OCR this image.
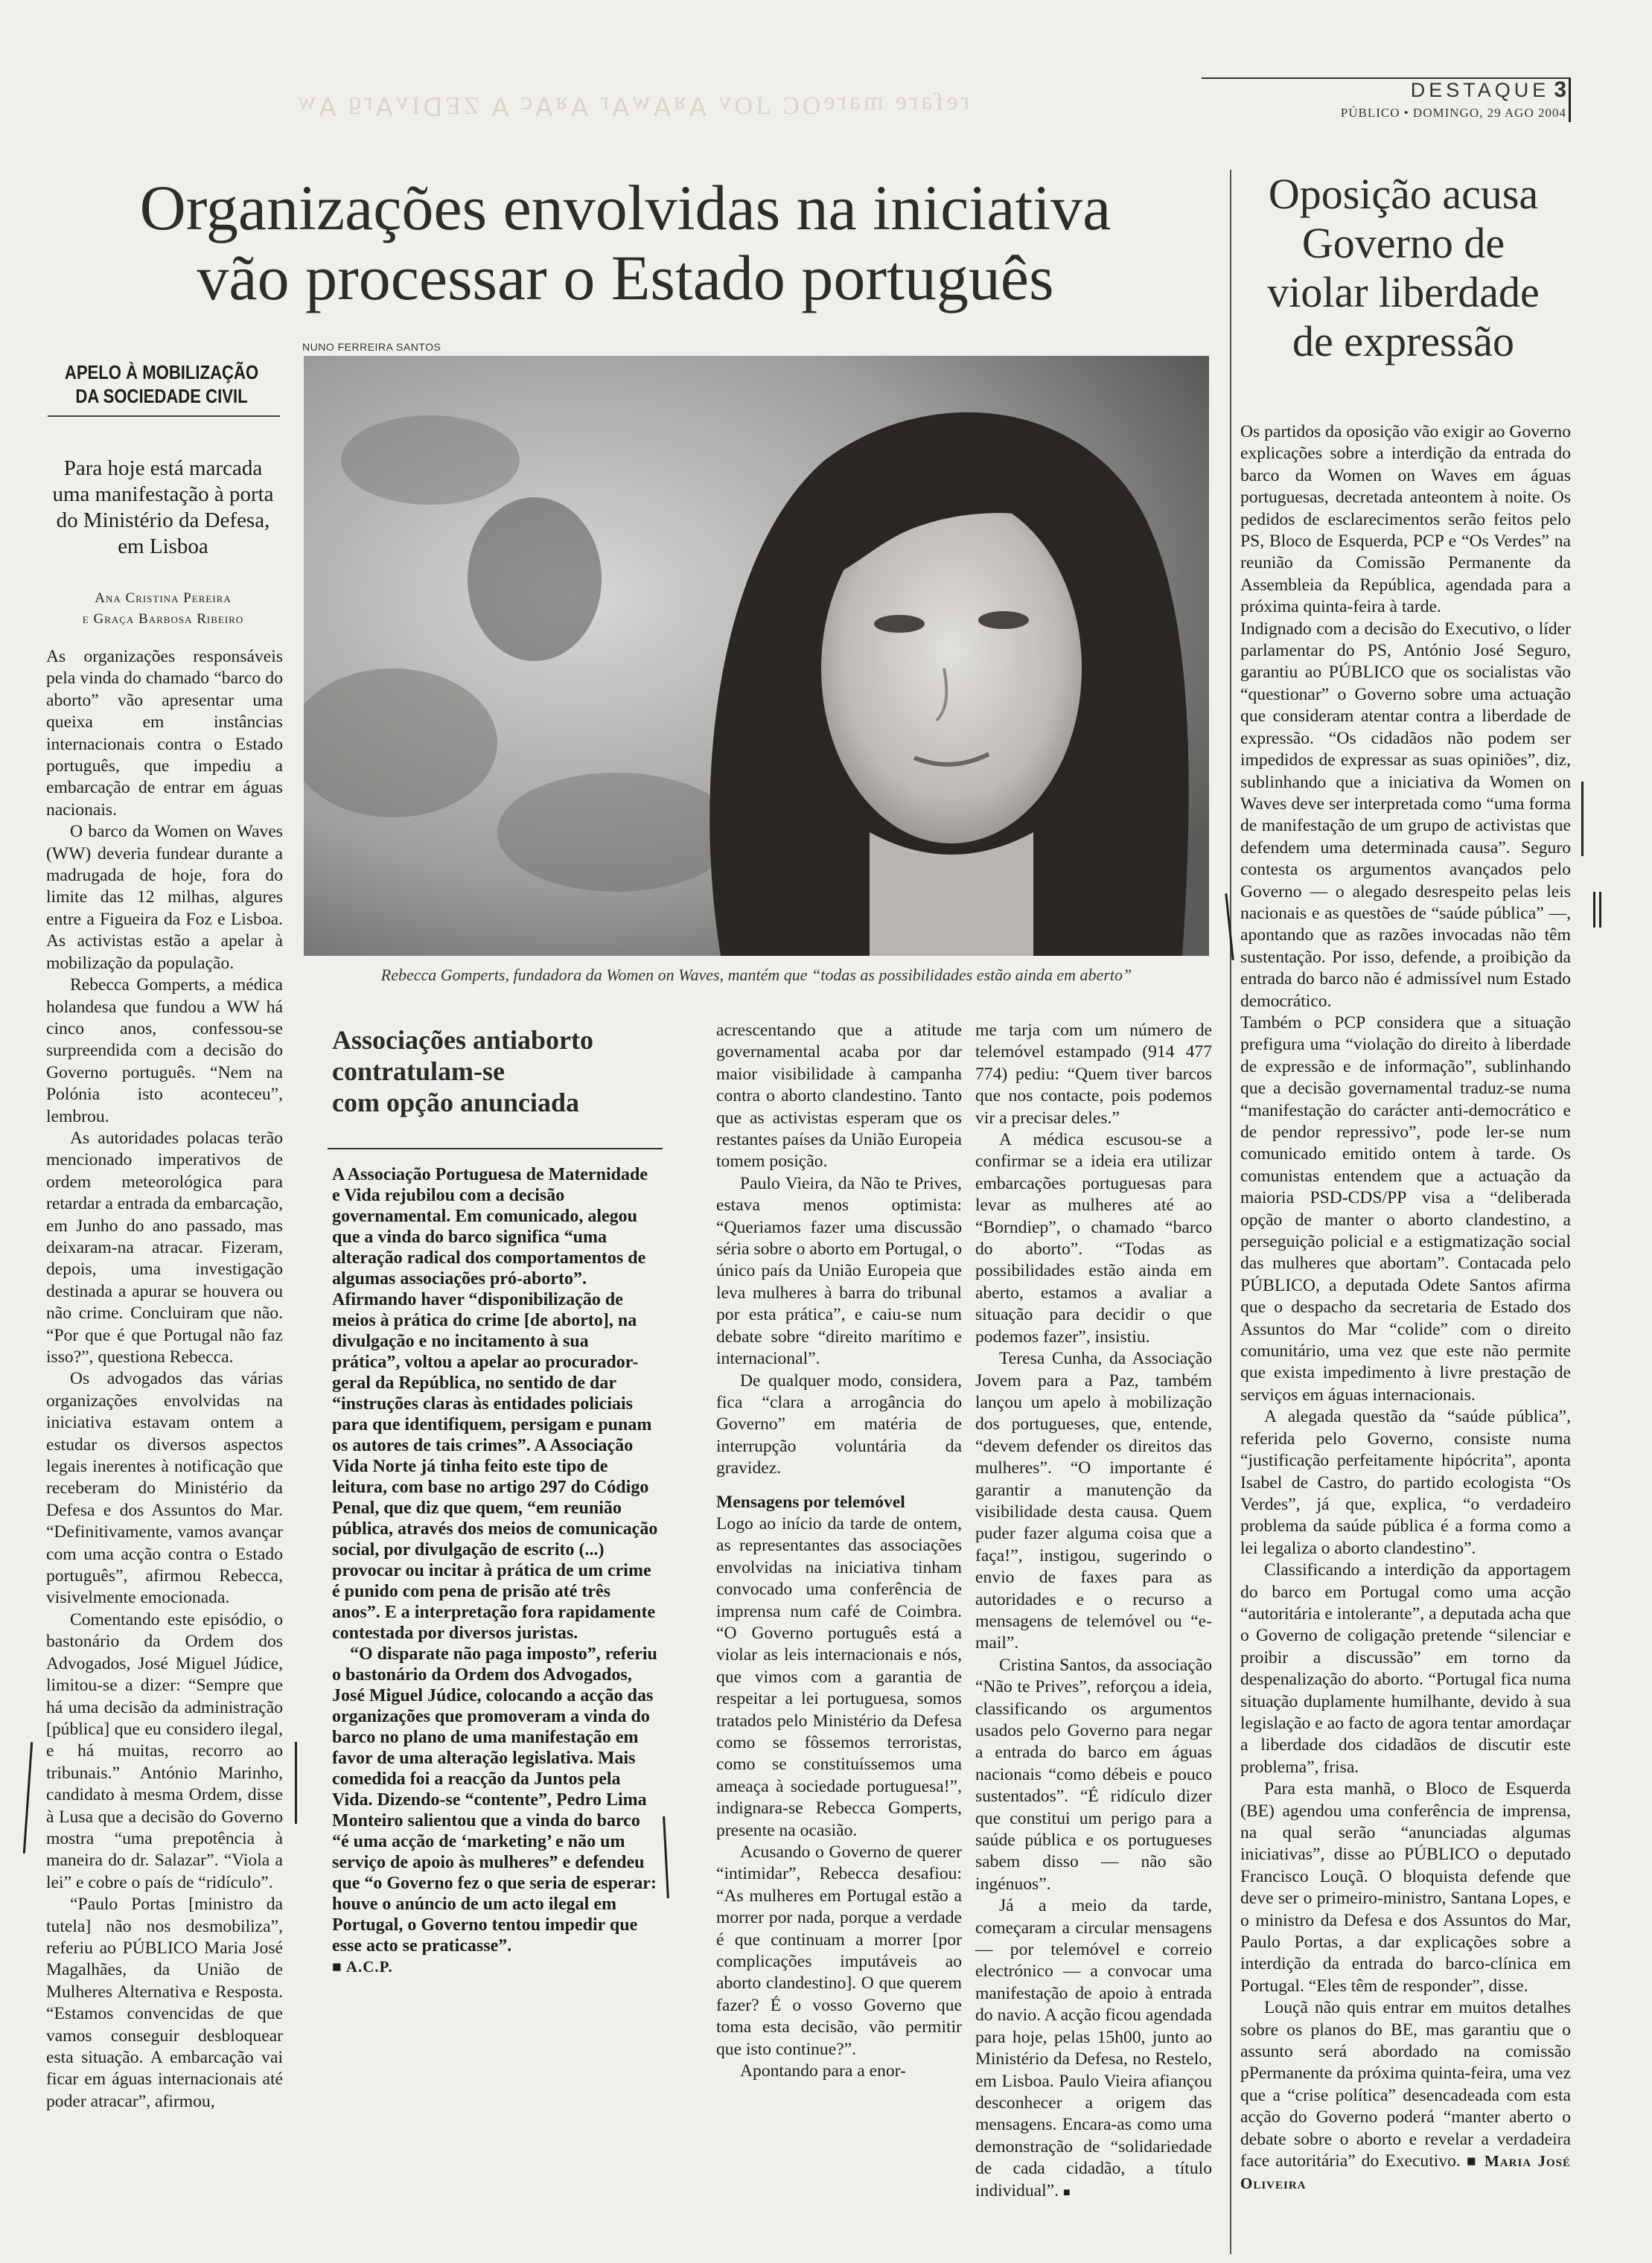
ʍ∀ ƃɹ∀ʌIᗡƎZ ∀ ɔ∀ʀ∀ ɹ∀ʍ∀ʀ∀ ʌOΓ ƆOǝɹɐɯ ǝɹɐɟǝɹ
DESTAQUE 3
PÚBLICO • DOMINGO, 29 AGO 2004
Organizações envolvidas na iniciativa
vão processar o Estado português
Oposição acusa
Governo de
violar liberdade
de expressão
APELO À MOBILIZAÇÃO
DA SOCIEDADE CIVIL
Para hoje está marcada uma manifestação à porta do Ministério da Defesa, em Lisboa
Ana Cristina Pereira
e Graça Barbosa Ribeiro

As organizações responsáveis pela vinda do chamado “barco do aborto” vão apresentar uma queixa em instâncias internacionais contra o Estado português, que impediu a embarcação de entrar em águas nacionais.

O barco da Women on Waves (WW) deveria fundear durante a madrugada de hoje, fora do limite das 12 milhas, algures entre a Figueira da Foz e Lisboa. As activistas estão a apelar à mobilização da população.

Rebecca Gomperts, a médica holandesa que fundou a WW há cinco anos, confessou-se surpreendida com a decisão do Governo português. “Nem na Polónia isto aconteceu”, lembrou.

As autoridades polacas terão mencionado imperativos de ordem meteorológica para retardar a entrada da embarcação, em Junho do ano passado, mas deixaram-na atracar. Fizeram, depois, uma investigação destinada a apurar se houvera ou não crime. Concluiram que não. “Por que é que Portugal não faz isso?”, questiona Rebecca.

Os advogados das várias organizações envolvidas na iniciativa estavam ontem a estudar os diversos aspectos legais inerentes à notificação que receberam do Ministério da Defesa e dos Assuntos do Mar. “Definitivamente, vamos avançar com uma acção contra o Estado português”, afirmou Rebecca, visivelmente emocionada.

Comentando este episódio, o bastonário da Ordem dos Advogados, José Miguel Júdice, limitou-se a dizer: “Sempre que há uma decisão da administração [pública] que eu considero ilegal, e há muitas, recorro ao tribunais.” António Marinho, candidato à mesma Ordem, disse à Lusa que a decisão do Governo mostra “uma prepotência à maneira do dr. Salazar”. “Viola a lei” e cobre o país de “ridículo”.

“Paulo Portas [ministro da tutela] não nos desmobiliza”, referiu ao PÚBLICO Maria José Magalhães, da União de Mulheres Alternativa e Resposta. “Estamos convencidas de que vamos conseguir desbloquear esta situação. A embarcação vai ficar em águas internacionais até poder atracar”, afirmou,

NUNO FERREIRA SANTOS
Rebecca Gomperts, fundadora da Women on Waves, mantém que “todas as possibilidades estão ainda em aberto”
Associações antiaborto
contratulam-se
com opção anunciada

A Associação Portuguesa de Maternidade e Vida rejubilou com a decisão governamental. Em comunicado, alegou que a vinda do barco significa “uma alteração radical dos comportamentos de algumas associações pró-aborto”. Afirmando haver “disponibilização de meios à prática do crime [de aborto], na divulgação e no incitamento à sua prática”, voltou a apelar ao procurador-geral da República, no sentido de dar “instruções claras às entidades policiais para que identifiquem, persigam e punam os autores de tais crimes”. A Associação Vida Norte já tinha feito este tipo de leitura, com base no artigo 297 do Código Penal, que diz que quem, “em reunião pública, através dos meios de comunicação social, por divulgação de escrito (...) provocar ou incitar à prática de um crime é punido com pena de prisão até três anos”. E a interpretação fora rapidamente contestada por diversos juristas.

“O disparate não paga imposto”, referiu o bastonário da Ordem dos Advogados, José Miguel Júdice, colocando a acção das organizações que promoveram a vinda do barco no plano de uma manifestação em favor de uma alteração legislativa. Mais comedida foi a reacção da Juntos pela Vida. Dizendo-se “contente”, Pedro Lima Monteiro salientou que a vinda do barco “é uma acção de ‘marketing’ e não um serviço de apoio às mulheres” e defendeu que “o Governo fez o que seria de esperar: houve o anúncio de um acto ilegal em Portugal, o Governo tentou impedir que esse acto se praticasse”.

■ A.C.P.

acrescentando que a atitude governamental acaba por dar maior visibilidade à campanha contra o aborto clandestino. Tanto que as activistas esperam que os restantes países da União Europeia tomem posição.

Paulo Vieira, da Não te Prives, estava menos optimista: “Queriamos fazer uma discussão séria sobre o aborto em Portugal, o único país da União Europeia que leva mulheres à barra do tribunal por esta prática”, e caiu-se num debate sobre “direito marítimo e internacional”.

De qualquer modo, considera, fica “clara a arrogância do Governo” em matéria de interrupção voluntária da gravidez.

Mensagens por telemóvel

Logo ao início da tarde de ontem, as representantes das associações envolvidas na iniciativa tinham convocado uma conferência de imprensa num café de Coimbra. “O Governo português está a violar as leis internacionais e nós, que vimos com a garantia de respeitar a lei portuguesa, somos tratados pelo Ministério da Defesa como se fôssemos terroristas, como se constituíssemos uma ameaça à sociedade portuguesa!”, indignara-se Rebecca Gomperts, presente na ocasião.

Acusando o Governo de querer “intimidar”, Rebecca desafiou: “As mulheres em Portugal estão a morrer por nada, porque a verdade é que continuam a morrer [por complicações imputáveis ao aborto clandestino]. O que querem fazer? É o vosso Governo que toma esta decisão, vão permitir que isto continue?”.

Apontando para a enor-

me tarja com um número de telemóvel estampado (914 477 774) pediu: “Quem tiver barcos que nos contacte, pois podemos vir a precisar deles.”

A médica escusou-se a confirmar se a ideia era utilizar embarcações portuguesas para levar as mulheres até ao “Borndiep”, o chamado “barco do aborto”. “Todas as possibilidades estão ainda em aberto, estamos a avaliar a situação para decidir o que podemos fazer”, insistiu.

Teresa Cunha, da Associação Jovem para a Paz, também lançou um apelo à mobilização dos portugueses, que, entende, “devem defender os direitos das mulheres”. “O importante é garantir a manutenção da visibilidade desta causa. Quem puder fazer alguma coisa que a faça!”, instigou, sugerindo o envio de faxes para as autoridades e o recurso a mensagens de telemóvel ou “e-mail”.

Cristina Santos, da associação “Não te Prives”, reforçou a ideia, classificando os argumentos usados pelo Governo para negar a entrada do barco em águas nacionais “como débeis e pouco sustentados”. “É ridículo dizer que constitui um perigo para a saúde pública e os portugueses sabem disso — não são ingénuos”.

Já a meio da tarde, começaram a circular mensagens — por telemóvel e correio electrónico — a convocar uma manifestação de apoio à entrada do navio. A acção ficou agendada para hoje, pelas 15h00, junto ao Ministério da Defesa, no Restelo, em Lisboa. Paulo Vieira afiançou desconhecer a origem das mensagens. Encara-as como uma demonstração de “solidariedade de cada cidadão, a título individual”. ■

Os partidos da oposição vão exigir ao Governo explicações sobre a interdição da entrada do barco da Women on Waves em águas portuguesas, decretada anteontem à noite. Os pedidos de esclarecimentos serão feitos pelo PS, Bloco de Esquerda, PCP e “Os Verdes” na reunião da Comissão Permanente da Assembleia da República, agendada para a próxima quinta-feira à tarde.

Indignado com a decisão do Executivo, o líder parlamentar do PS, António José Seguro, garantiu ao PÚBLICO que os socialistas vão “questionar” o Governo sobre uma actuação que consideram atentar contra a liberdade de expressão. “Os cidadãos não podem ser impedidos de expressar as suas opiniões”, diz, sublinhando que a iniciativa da Women on Waves deve ser interpretada como “uma forma de manifestação de um grupo de activistas que defendem uma determinada causa”. Seguro contesta os argumentos avançados pelo Governo — o alegado desrespeito pelas leis nacionais e as questões de “saúde pública” —, apontando que as razões invocadas não têm sustentação. Por isso, defende, a proibição da entrada do barco não é admissível num Estado democrático.

Também o PCP considera que a situação prefigura uma “violação do direito à liberdade de expressão e de informação”, sublinhando que a decisão governamental traduz-se numa “manifestação do carácter anti-democrático e de pendor repressivo”, pode ler-se num comunicado emitido ontem à tarde. Os comunistas entendem que a actuação da maioria PSD-CDS/PP visa a “deliberada opção de manter o aborto clandestino, a perseguição policial e a estigmatização social das mulheres que abortam”. Contacada pelo PÚBLICO, a deputada Odete Santos afirma que o despacho da secretaria de Estado dos Assuntos do Mar “colide” com o direito comunitário, uma vez que este não permite que exista impedimento à livre prestação de serviços em águas internacionais.

A alegada questão da “saúde pública”, referida pelo Governo, consiste numa “justificação perfeitamente hipócrita”, aponta Isabel de Castro, do partido ecologista “Os Verdes”, já que, explica, “o verdadeiro problema da saúde pública é a forma como a lei legaliza o aborto clandestino”.

Classificando a interdição da apportagem do barco em Portugal como uma acção “autoritária e intolerante”, a deputada acha que o Governo de coligação pretende “silenciar e proibir a discussão” em torno da despenalização do aborto. “Portugal fica numa situação duplamente humilhante, devido à sua legislação e ao facto de agora tentar amordaçar a liberdade dos cidadãos de discutir este problema”, frisa.

Para esta manhã, o Bloco de Esquerda (BE) agendou uma conferência de imprensa, na qual serão “anunciadas algumas iniciativas”, disse ao PÚBLICO o deputado Francisco Louçã. O bloquista defende que deve ser o primeiro-ministro, Santana Lopes, e o ministro da Defesa e dos Assuntos do Mar, Paulo Portas, a dar explicações sobre a interdição da entrada do barco-clínica em Portugal. “Eles têm de responder”, disse.

Louçã não quis entrar em muitos detalhes sobre os planos do BE, mas garantiu que o assunto será abordado na comissão pPermanente da próxima quinta-feira, uma vez que a “crise política” desencadeada com esta acção do Governo poderá “manter aberto o debate sobre o aborto e revelar a verdadeira face autoritária” do Executivo. ■ Maria José Oliveira
